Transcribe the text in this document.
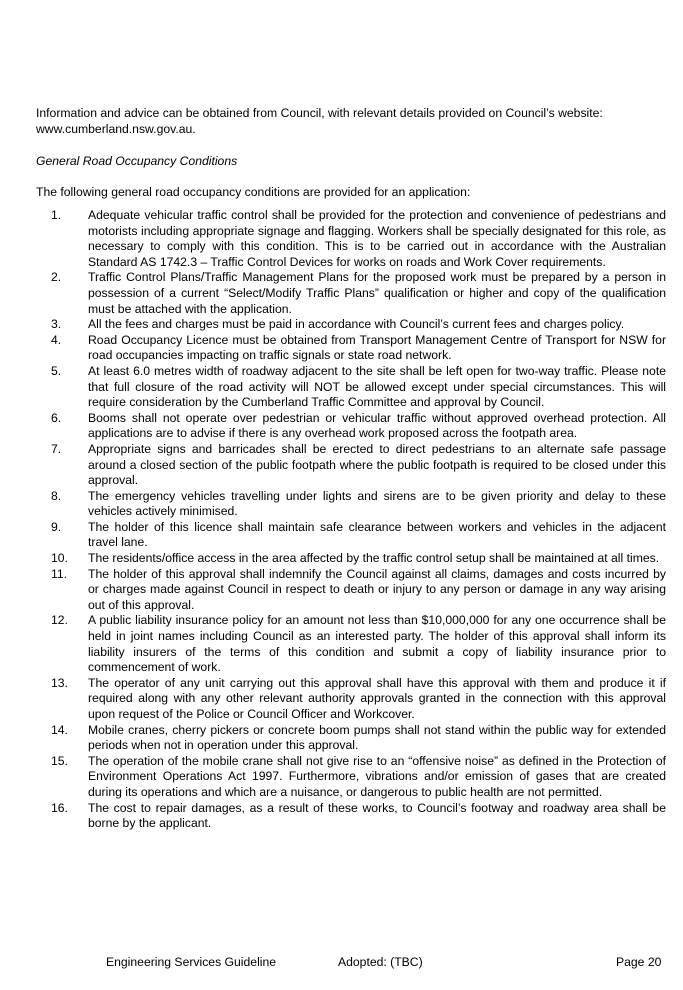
Information and advice can be obtained from Council, with relevant details provided on Council’s website: www.cumberland.nsw.gov.au.

General Road Occupancy Conditions

The following general road occupancy conditions are provided for an application:

1. Adequate vehicular traffic control shall be provided for the protection and convenience of pedestrians and motorists including appropriate signage and flagging. Workers shall be specially designated for this role, as necessary to comply with this condition. This is to be carried out in accordance with the Australian Standard AS 1742.3 – Traffic Control Devices for works on roads and Work Cover requirements.
2. Traffic Control Plans/Traffic Management Plans for the proposed work must be prepared by a person in possession of a current “Select/Modify Traffic Plans” qualification or higher and copy of the qualification must be attached with the application.
3. All the fees and charges must be paid in accordance with Council’s current fees and charges policy.
4. Road Occupancy Licence must be obtained from Transport Management Centre of Transport for NSW for road occupancies impacting on traffic signals or state road network.
5. At least 6.0 metres width of roadway adjacent to the site shall be left open for two-way traffic. Please note that full closure of the road activity will NOT be allowed except under special circumstances. This will require consideration by the Cumberland Traffic Committee and approval by Council.
6. Booms shall not operate over pedestrian or vehicular traffic without approved overhead protection. All applications are to advise if there is any overhead work proposed across the footpath area.
7. Appropriate signs and barricades shall be erected to direct pedestrians to an alternate safe passage around a closed section of the public footpath where the public footpath is required to be closed under this approval.
8. The emergency vehicles travelling under lights and sirens are to be given priority and delay to these vehicles actively minimised.
9. The holder of this licence shall maintain safe clearance between workers and vehicles in the adjacent travel lane.
10. The residents/office access in the area affected by the traffic control setup shall be maintained at all times.
11. The holder of this approval shall indemnify the Council against all claims, damages and costs incurred by or charges made against Council in respect to death or injury to any person or damage in any way arising out of this approval.
12. A public liability insurance policy for an amount not less than $10,000,000 for any one occurrence shall be held in joint names including Council as an interested party. The holder of this approval shall inform its liability insurers of the terms of this condition and submit a copy of liability insurance prior to commencement of work.
13. The operator of any unit carrying out this approval shall have this approval with them and produce it if required along with any other relevant authority approvals granted in the connection with this approval upon request of the Police or Council Officer and Workcover.
14. Mobile cranes, cherry pickers or concrete boom pumps shall not stand within the public way for extended periods when not in operation under this approval.
15. The operation of the mobile crane shall not give rise to an “offensive noise” as defined in the Protection of Environment Operations Act 1997. Furthermore, vibrations and/or emission of gases that are created during its operations and which are a nuisance, or dangerous to public health are not permitted.
16. The cost to repair damages, as a result of these works, to Council’s footway and roadway area shall be borne by the applicant.
Engineering Services Guideline	Adopted: (TBC)	Page 20
